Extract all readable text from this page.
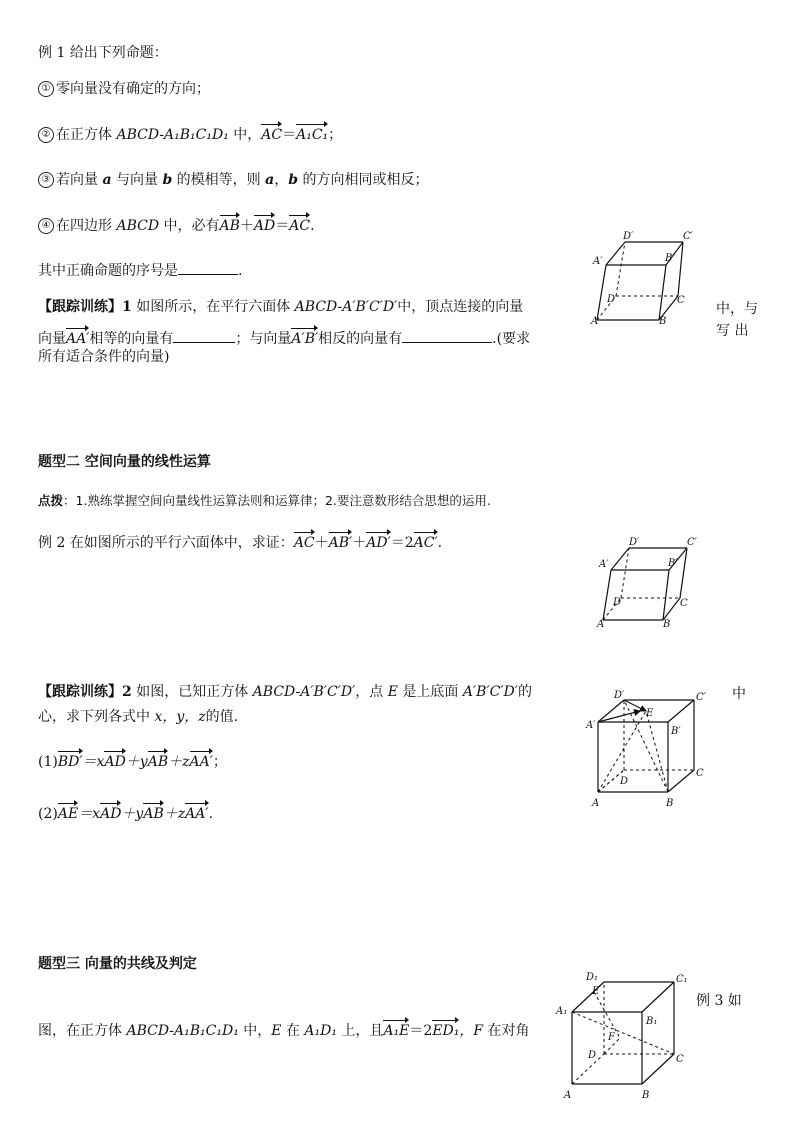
例 1 给出下列命题：
① 零向量没有确定的方向；
② 在正方体 ABCD-A₁B₁C₁D₁ 中，AC＝A₁C₁；
③ 若向量 a 与向量 b 的模相等，则 a，b 的方向相同或相反；
④ 在四边形 ABCD 中，必有AB＋AD＝AC.
其中正确命题的序号是	.
【跟踪训练】1 如图所示，在平行六面体 ABCD-A′B′C′D′中，顶点连接的向量	中，与
向量AA′相等的向量有	；与向量A′B′相反的向量有	.(要求	写 出
所有适合条件的向量)
题型二 空间向量的线性运算
点拨：1.熟练掌握空间向量线性运算法则和运算律；2.要注意数形结合思想的运用.
例 2 在如图所示的平行六面体中，求证：AC＋AB′＋AD′＝2AC′.
【跟踪训练】2 如图，已知正方体 ABCD-A′B′C′D′，点 E 是上底面 A′B′C′D′的	中
心，求下列各式中 x，y，z的值.
(1)BD′＝xAD＋yAB＋zAA′；
(2)AE＝xAD＋yAB＋zAA′.
题型三 向量的共线及判定
例 3 如
图，在正方体 ABCD-A₁B₁C₁D₁ 中，E 在 A₁D₁ 上，且A₁E＝2ED₁，F 在对角
D′	C′
A′	B′
D	C
A	B
D′	C′
A′	B′
D	C
A	B
D′	C′
A′
E
B′
D
C
A	B
D₁	C₁
A₁
E
B₁
D
F
C
A	B
